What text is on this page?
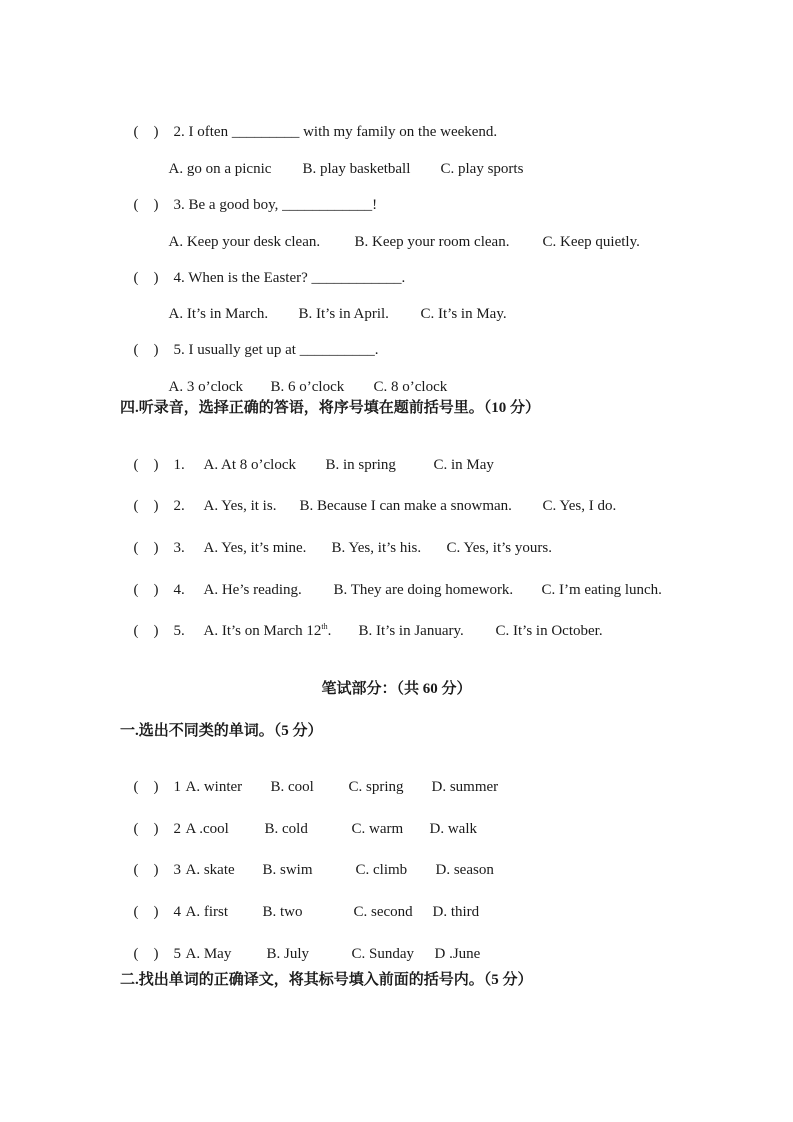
(    ) 2. I often _________ with my family on the weekend.

A. go on a picnic B. play basketball C. play sports

(    ) 3. Be a good boy, ____________!

A. Keep your desk clean. B. Keep your room clean. C. Keep quietly.

(    ) 4. When is the Easter? ____________.

A. It’s in March. B. It’s in April. C. It’s in May.

(    ) 5. I usually get up at __________.

A. 3 o’clock B. 6 o’clock C. 8 o’clock

四.听录音，选择正确的答语，将序号填在题前括号里。（10 分）

(    ) 1. A. At 8 o’clock B. in spring	C. in May

(    ) 2. A. Yes, it is. B. Because I can make a snowman. C. Yes, I do.

(    ) 3. A. Yes, it’s mine. B. Yes, it’s his. C. Yes, it’s yours.

(    ) 4. A. He’s reading. B. They are doing homework. C. I’m eating lunch.

(    ) 5. A. It’s on March 12th. B. It’s in January. C. It’s in October.

笔试部分：（共 60 分）
一.选出不同类的单词。（5 分）

(    ) 1 A. winter B. cool C. spring D. summer

(    ) 2 A .cool B. cold	C. warm D. walk

(    ) 3 A. skate B. swim	C. climb D. season

(    ) 4 A. first B. two	C. second D. third

(    ) 5 A. May B. July	C. Sunday D .June

二.找出单词的正确译文，将其标号填入前面的括号内。（5 分）
